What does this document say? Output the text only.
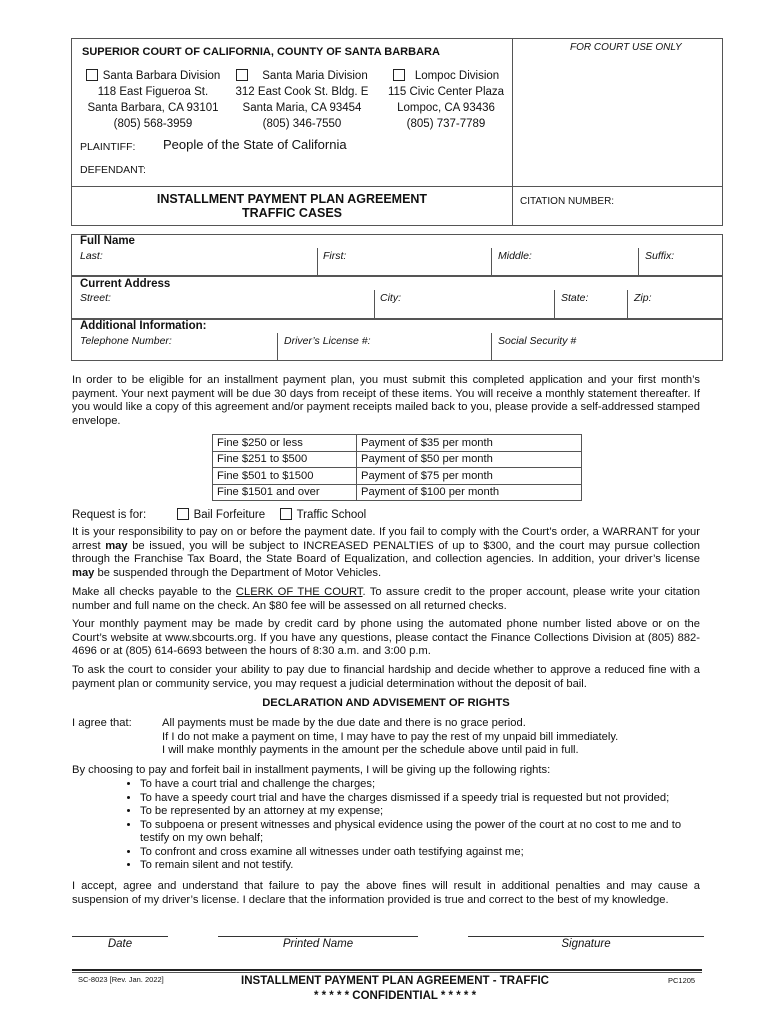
FOR COURT USE ONLY
SUPERIOR COURT OF CALIFORNIA, COUNTY OF SANTA BARBARA
Santa Barbara Division
118 East Figueroa St.
Santa Barbara, CA 93101
(805) 568-3959
Santa Maria Division
312 East Cook St. Bldg. E
Santa Maria, CA 93454
(805) 346-7550
Lompoc Division
115 Civic Center Plaza
Lompoc, CA 93436
(805) 737-7789
PLAINTIFF: People of the State of California
DEFENDANT:
INSTALLMENT PAYMENT PLAN AGREEMENT
TRAFFIC CASES
CITATION NUMBER:
Full Name
Last:	First:	Middle:	Suffix:
Current Address
Street:	City:	State:	Zip:
Additional Information:
Telephone Number:	Driver’s License #:	Social Security #
In order to be eligible for an installment payment plan, you must submit this completed application and your first month’s payment. Your next payment will be due 30 days from receipt of these items. You will receive a monthly statement thereafter. If you would like a copy of this agreement and/or payment receipts mailed back to you, please provide a self-addressed stamped envelope.
Fine $250 or less	Payment of $35 per month
Fine $251 to $500	Payment of $50 per month
Fine $501 to $1500	Payment of $75 per month
Fine $1501 and over	Payment of $100 per month
Request is for:	Bail Forfeiture	Traffic School
It is your responsibility to pay on or before the payment date. If you fail to comply with the Court’s order, a WARRANT for your arrest may be issued, you will be subject to INCREASED PENALTIES of up to $300, and the court may pursue collection through the Franchise Tax Board, the State Board of Equalization, and collection agencies. In addition, your driver’s license may be suspended through the Department of Motor Vehicles.
Make all checks payable to the CLERK OF THE COURT. To assure credit to the proper account, please write your citation number and full name on the check. An $80 fee will be assessed on all returned checks.
Your monthly payment may be made by credit card by phone using the automated phone number listed above or on the Court’s website at www.sbcourts.org. If you have any questions, please contact the Finance Collections Division at (805) 882-4696 or at (805) 614-6693 between the hours of 8:30 a.m. and 3:00 p.m.
To ask the court to consider your ability to pay due to financial hardship and decide whether to approve a reduced fine with a payment plan or community service, you may request a judicial determination without the deposit of bail.
DECLARATION AND ADVISEMENT OF RIGHTS
I agree that:	All payments must be made by the due date and there is no grace period.
If I do not make a payment on time, I may have to pay the rest of my unpaid bill immediately.
I will make monthly payments in the amount per the schedule above until paid in full.
By choosing to pay and forfeit bail in installment payments, I will be giving up the following rights:
• To have a court trial and challenge the charges;
• To have a speedy court trial and have the charges dismissed if a speedy trial is requested but not provided;
• To be represented by an attorney at my expense;
• To subpoena or present witnesses and physical evidence using the power of the court at no cost to me and to testify on my own behalf;
• To confront and cross examine all witnesses under oath testifying against me;
• To remain silent and not testify.
I accept, agree and understand that failure to pay the above fines will result in additional penalties and may cause a suspension of my driver’s license. I declare that the information provided is true and correct to the best of my knowledge.
Date	Printed Name	Signature
SC-8023 [Rev. Jan. 2022]	INSTALLMENT PAYMENT PLAN AGREEMENT - TRAFFIC
* * * * * CONFIDENTIAL * * * * *
PC1205
